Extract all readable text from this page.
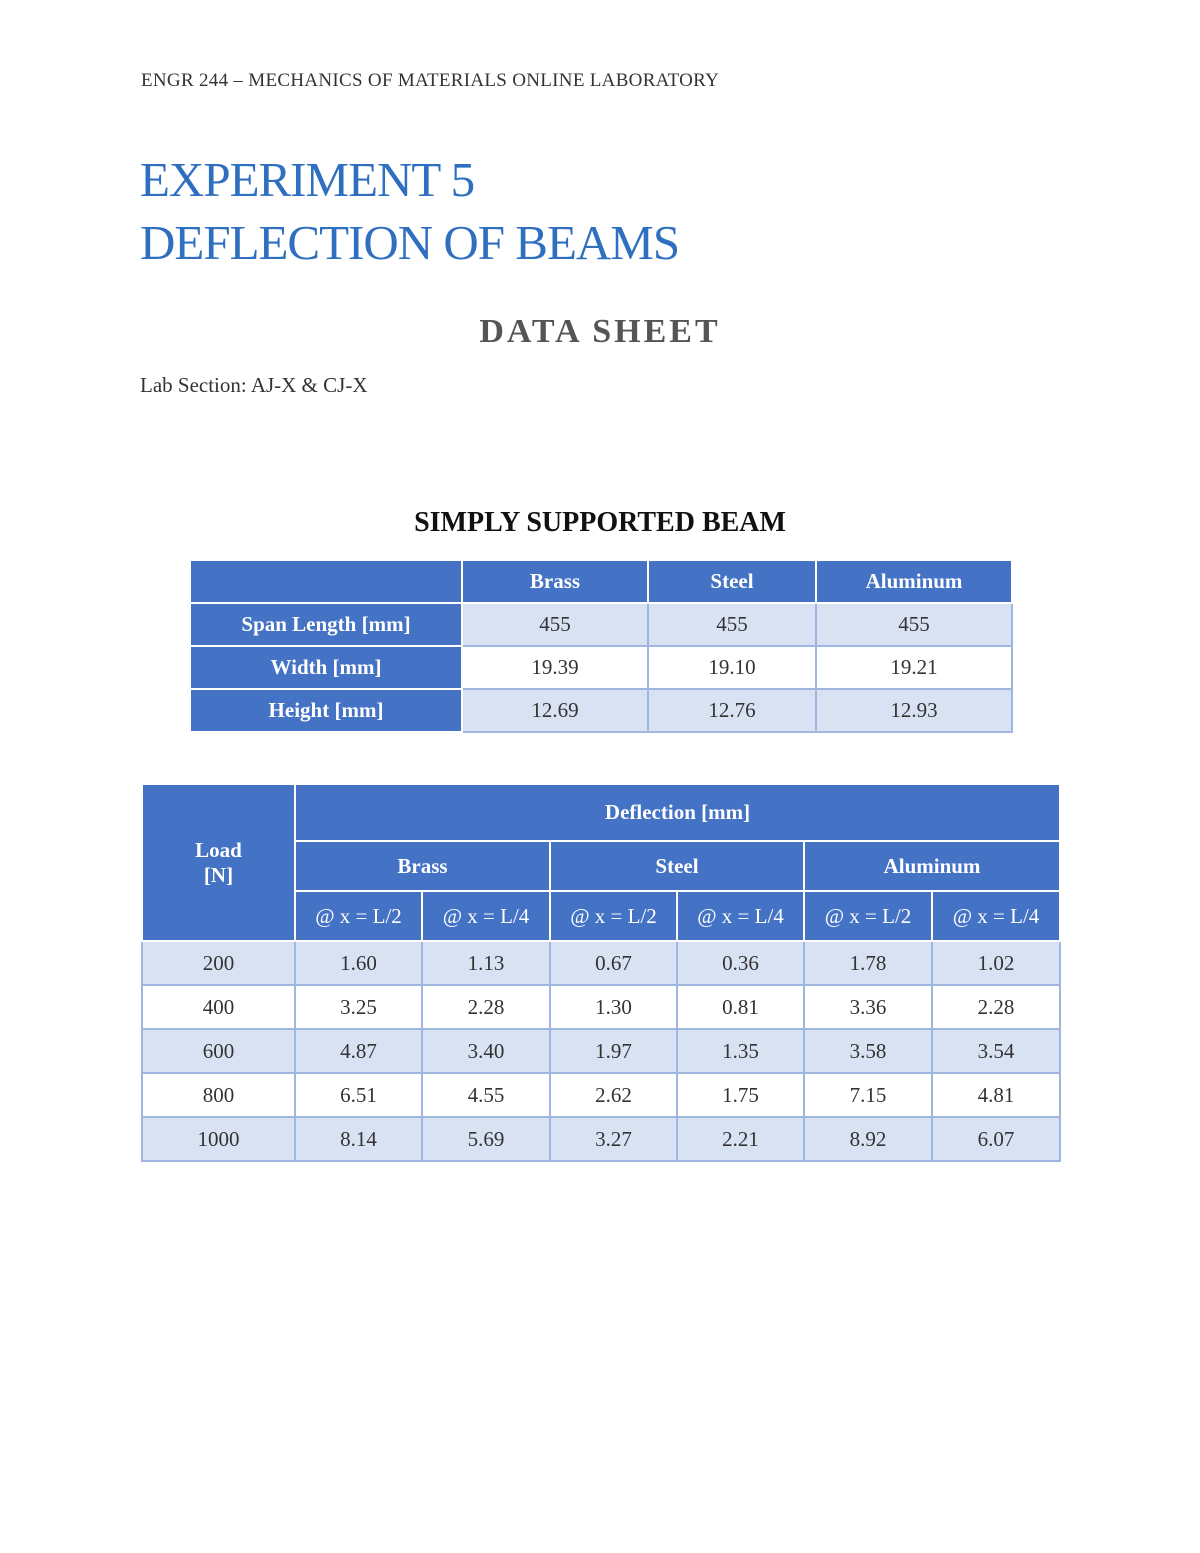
ENGR 244 – MECHANICS OF MATERIALS ONLINE LABORATORY
EXPERIMENT 5
DEFLECTION OF BEAMS
DATA SHEET
Lab Section: AJ-X & CJ-X
SIMPLY SUPPORTED BEAM
	Brass	Steel	Aluminum
Span Length [mm]	455	455	455
Width [mm]	19.39	19.10	19.21
Height [mm]	12.69	12.76	12.93
Load
[N]	Deflection [mm]					
	Brass		Steel		Aluminum	
	@ x = L/2	@ x = L/4	@ x = L/2	@ x = L/4	@ x = L/2	@ x = L/4
200	1.60	1.13	0.67	0.36	1.78	1.02
400	3.25	2.28	1.30	0.81	3.36	2.28
600	4.87	3.40	1.97	1.35	3.58	3.54
800	6.51	4.55	2.62	1.75	7.15	4.81
1000	8.14	5.69	3.27	2.21	8.92	6.07
